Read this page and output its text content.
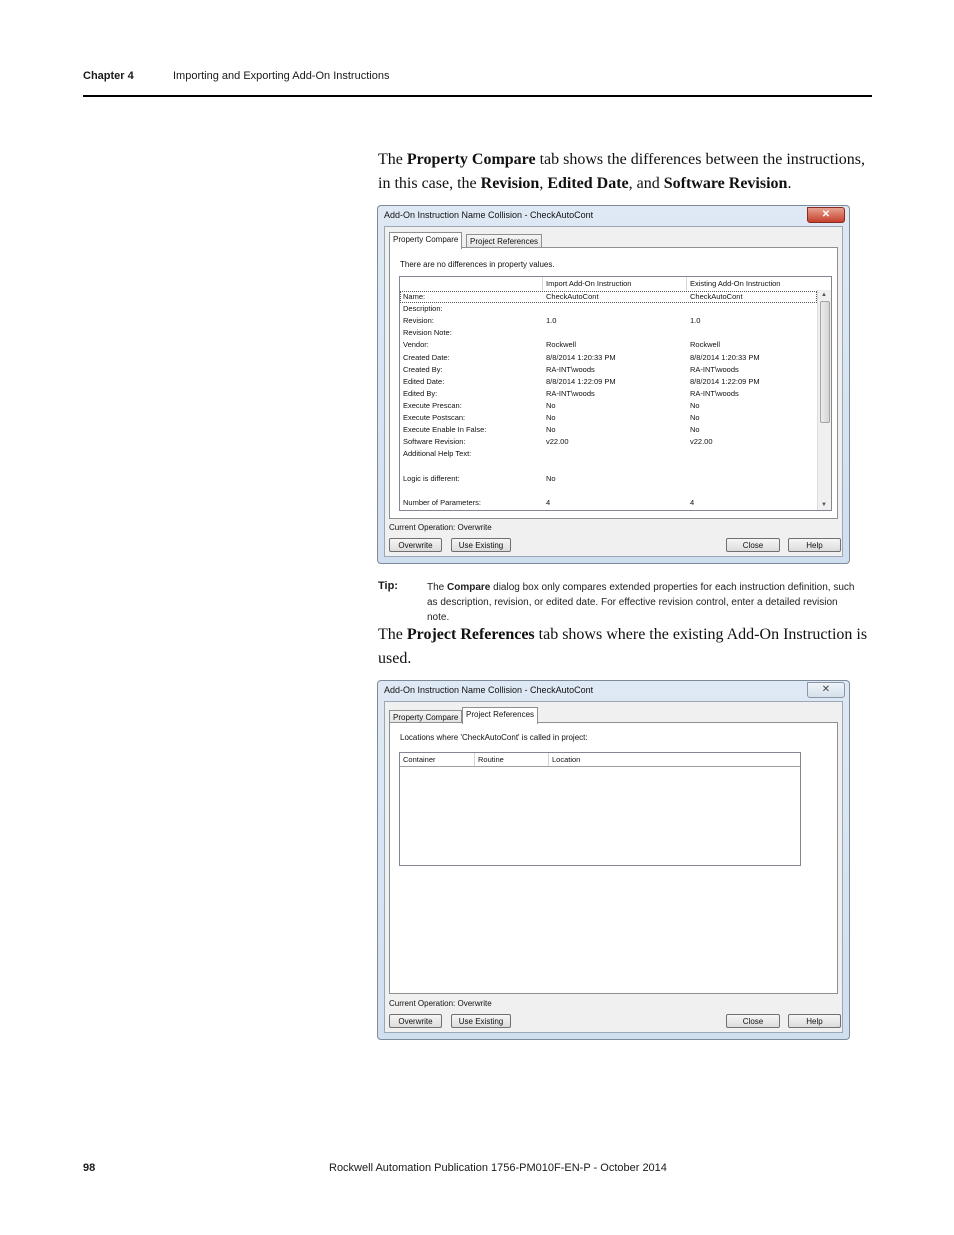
Chapter 4	Importing and Exporting Add-On Instructions
The Property Compare tab shows the differences between the instructions, in this case, the Revision, Edited Date, and Software Revision.
Add-On Instruction Name Collision - CheckAutoCont	✕
Property Compare	Project References
There are no differences in property values.
Import Add-On Instruction	Existing Add-On Instruction
Name:	CheckAutoCont	CheckAutoCont
Description:
Revision:	1.0	1.0
Revision Note:
Vendor:	Rockwell	Rockwell
Created Date:	8/8/2014 1:20:33 PM	8/8/2014 1:20:33 PM
Created By:	RA-INT\woods	RA-INT\woods
Edited Date:	8/8/2014 1:22:09 PM	8/8/2014 1:22:09 PM
Edited By:	RA-INT\woods	RA-INT\woods
Execute Prescan:	No	No
Execute Postscan:	No	No
Execute Enable In False:	No	No
Software Revision:	v22.00	v22.00
Additional Help Text:
Logic is different:	No
Number of Parameters:	4	4
▲
▼
Current Operation: Overwrite
Overwrite	Use Existing	Close	Help
Tip:	The Compare dialog box only compares extended properties for each instruction definition, such as description, revision, or edited date. For effective revision control, enter a detailed revision note.
The Project References tab shows where the existing Add-On Instruction is used.
Add-On Instruction Name Collision - CheckAutoCont	✕
Property Compare Project References
Locations where 'CheckAutoCont' is called in project:
Container	Routine	Location
Current Operation: Overwrite
Overwrite	Use Existing	Close	Help
98	Rockwell Automation Publication 1756-PM010F-EN-P - October 2014
